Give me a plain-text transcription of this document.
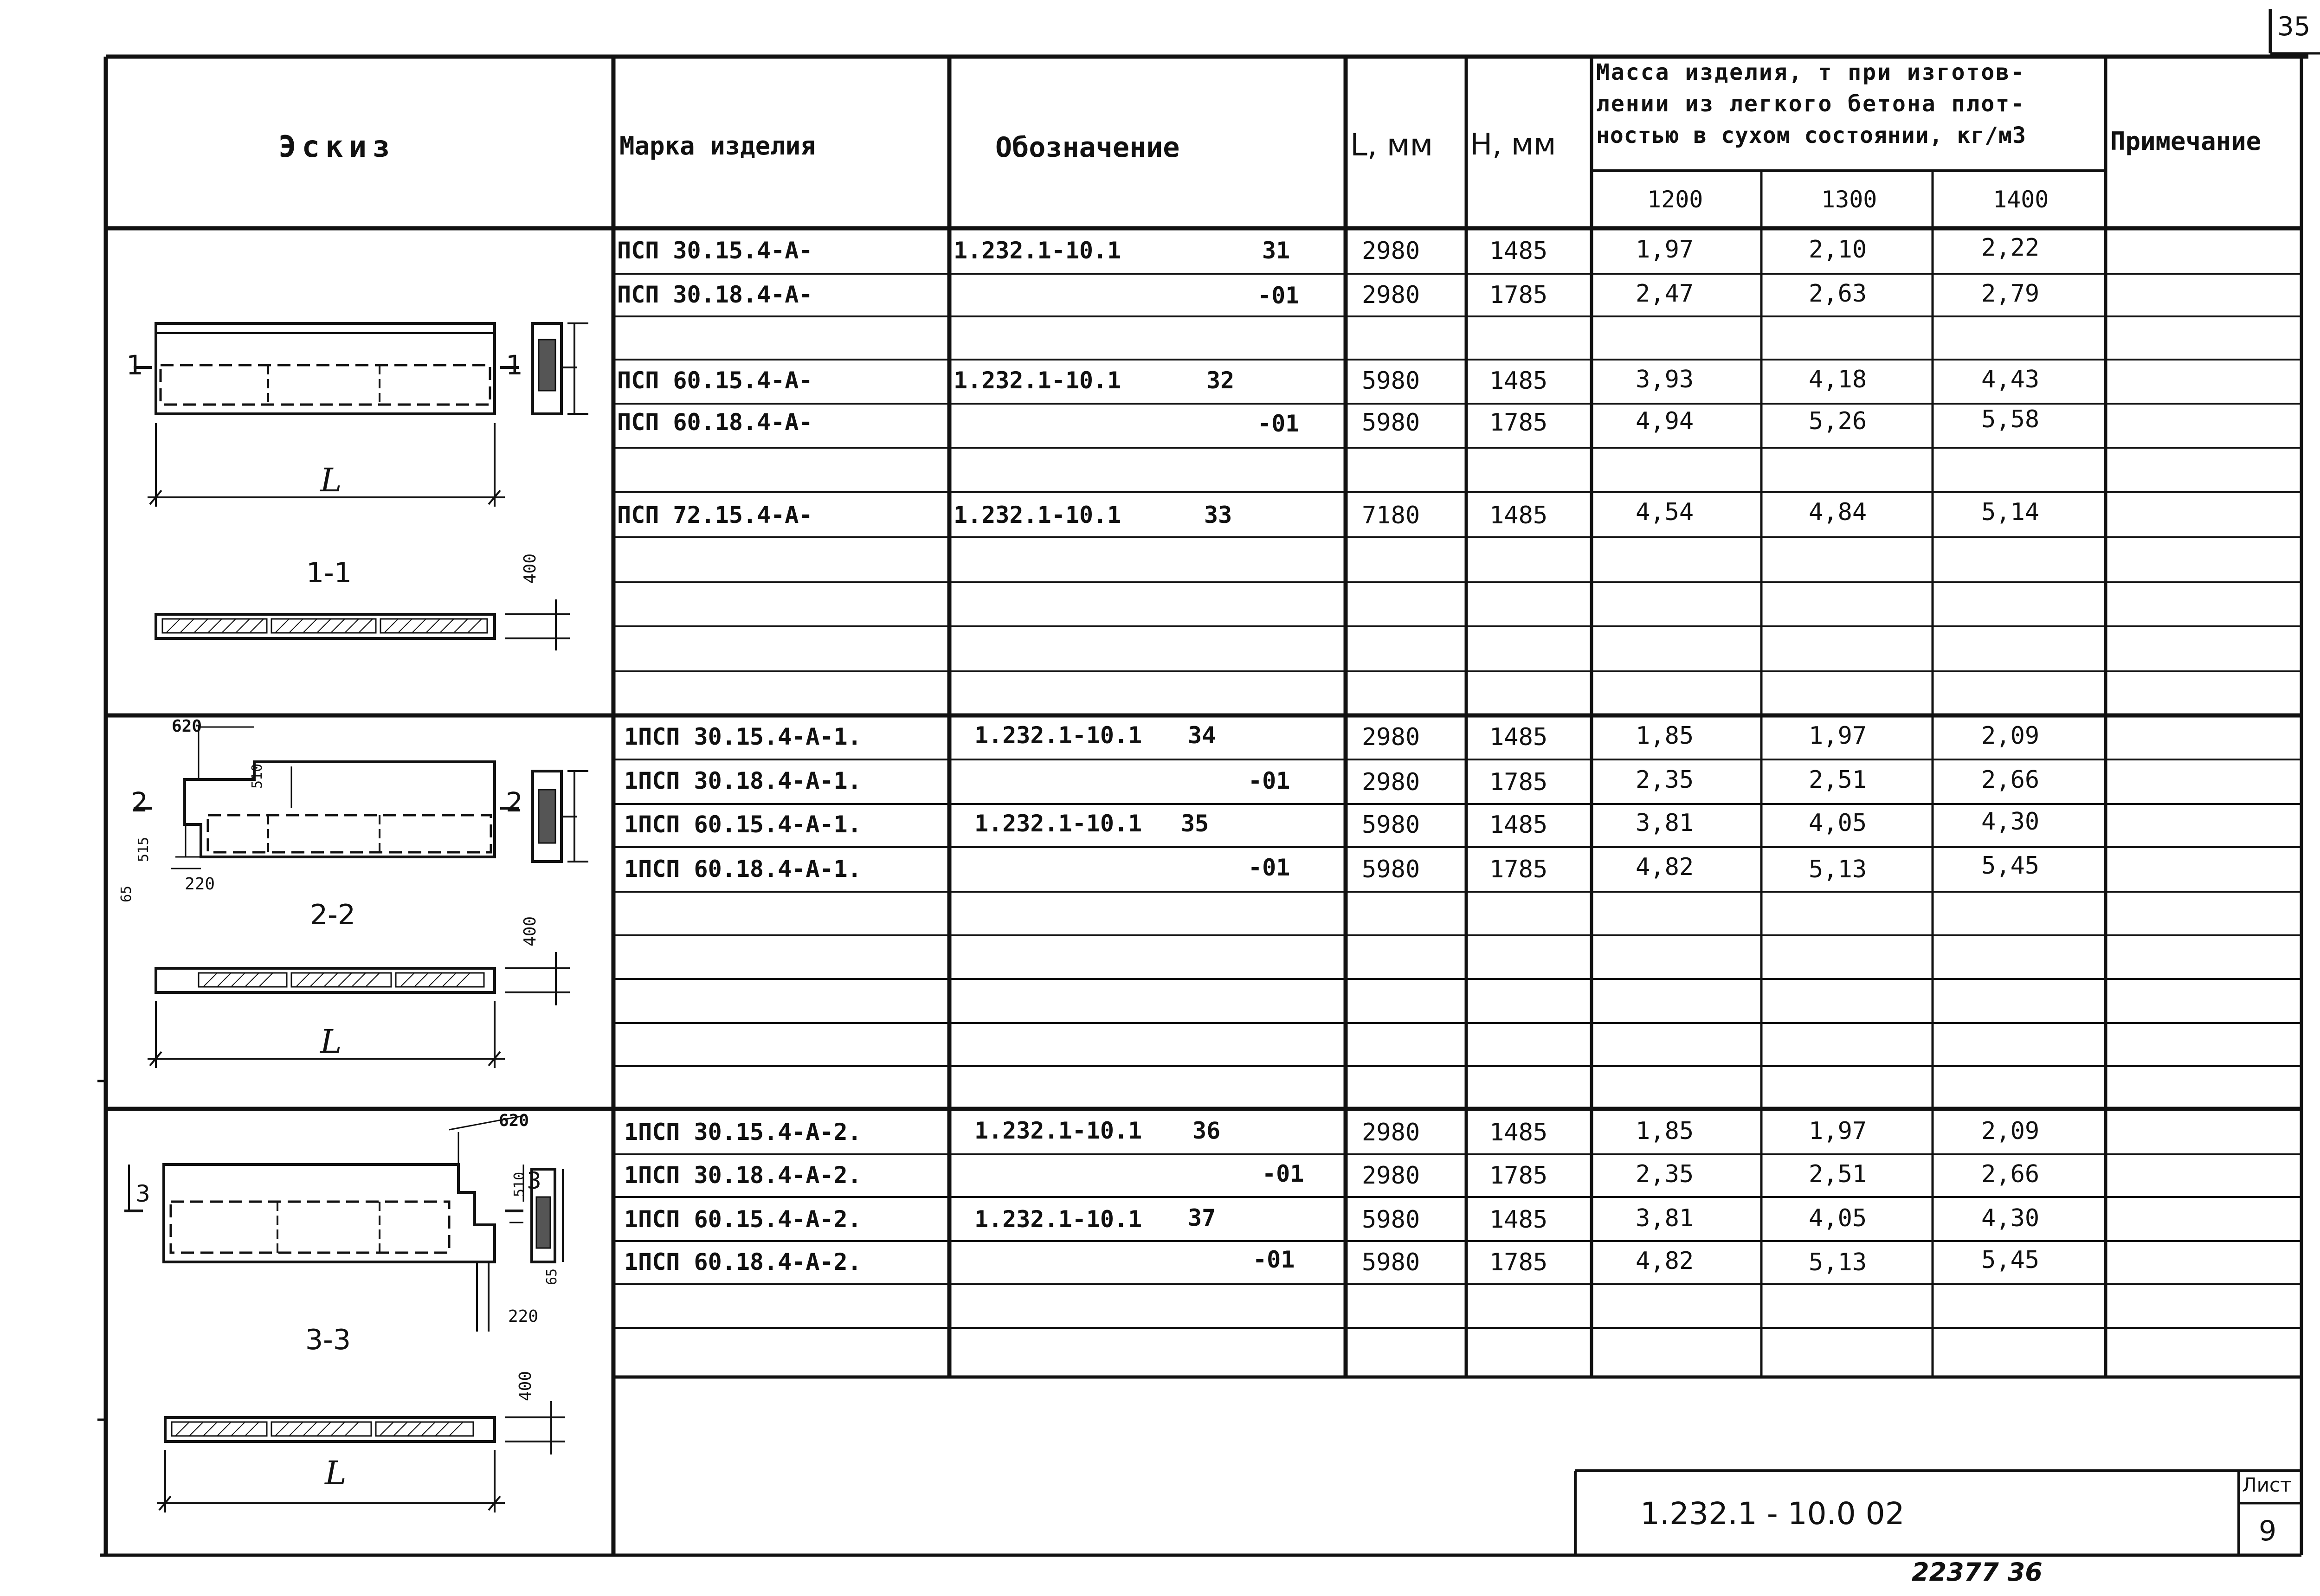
35
Эскиз	Марка изделия	Обозначение	L, мм H, мм
Масса изделия, т при изготов-
лении из легкого бетона плот-
ностью в сухом состоянии, кг/м3
1200	1300	1400
Примечание
ПСП 30.15.4-А-	1.232.1-10.1	31	2980	1485	1,97	2,10	2,22
ПСП 30.18.4-А-	-01	2980	1785	2,47	2,63	2,79
ПСП 60.15.4-А-	1.232.1-10.1	32	5980	1485	3,93	4,18	4,43
ПСП 60.18.4-А-	-01	5980	1785	4,94	5,26	5,58
ПСП 72.15.4-А-	1.232.1-10.1	33	7180	1485	4,54	4,84	5,14
1ПСП 30.15.4-А-1.	1.232.1-10.1 34	2980	1485	1,85	1,97	2,09
1ПСП 30.18.4-А-1.	-01	2980	1785	2,35	2,51	2,66
1ПСП 60.15.4-А-1.	1.232.1-10.1 35	5980	1485	3,81	4,05	4,30
1ПСП 60.18.4-А-1.	-01	5980	1785	4,82	5,13	5,45
1ПСП 30.15.4-А-2.	1.232.1-10.1 36	2980	1485	1,85	1,97	2,09
1ПСП 30.18.4-А-2.	-01 2980	1785	2,35	2,51	2,66
1ПСП 60.15.4-А-2.	1.232.1-10.1 37	5980	1485	3,81	4,05	4,30
1ПСП 60.18.4-А-2.	-01	5980	1785	4,82	5,13	5,45
1	1
L
1-1	400
620
510
515
220
65
2	2
2-2
400
L
620
510
220
65
3	3
3-3
400
L
1.232.1 - 10.0 02
Лист
9
22377 36
